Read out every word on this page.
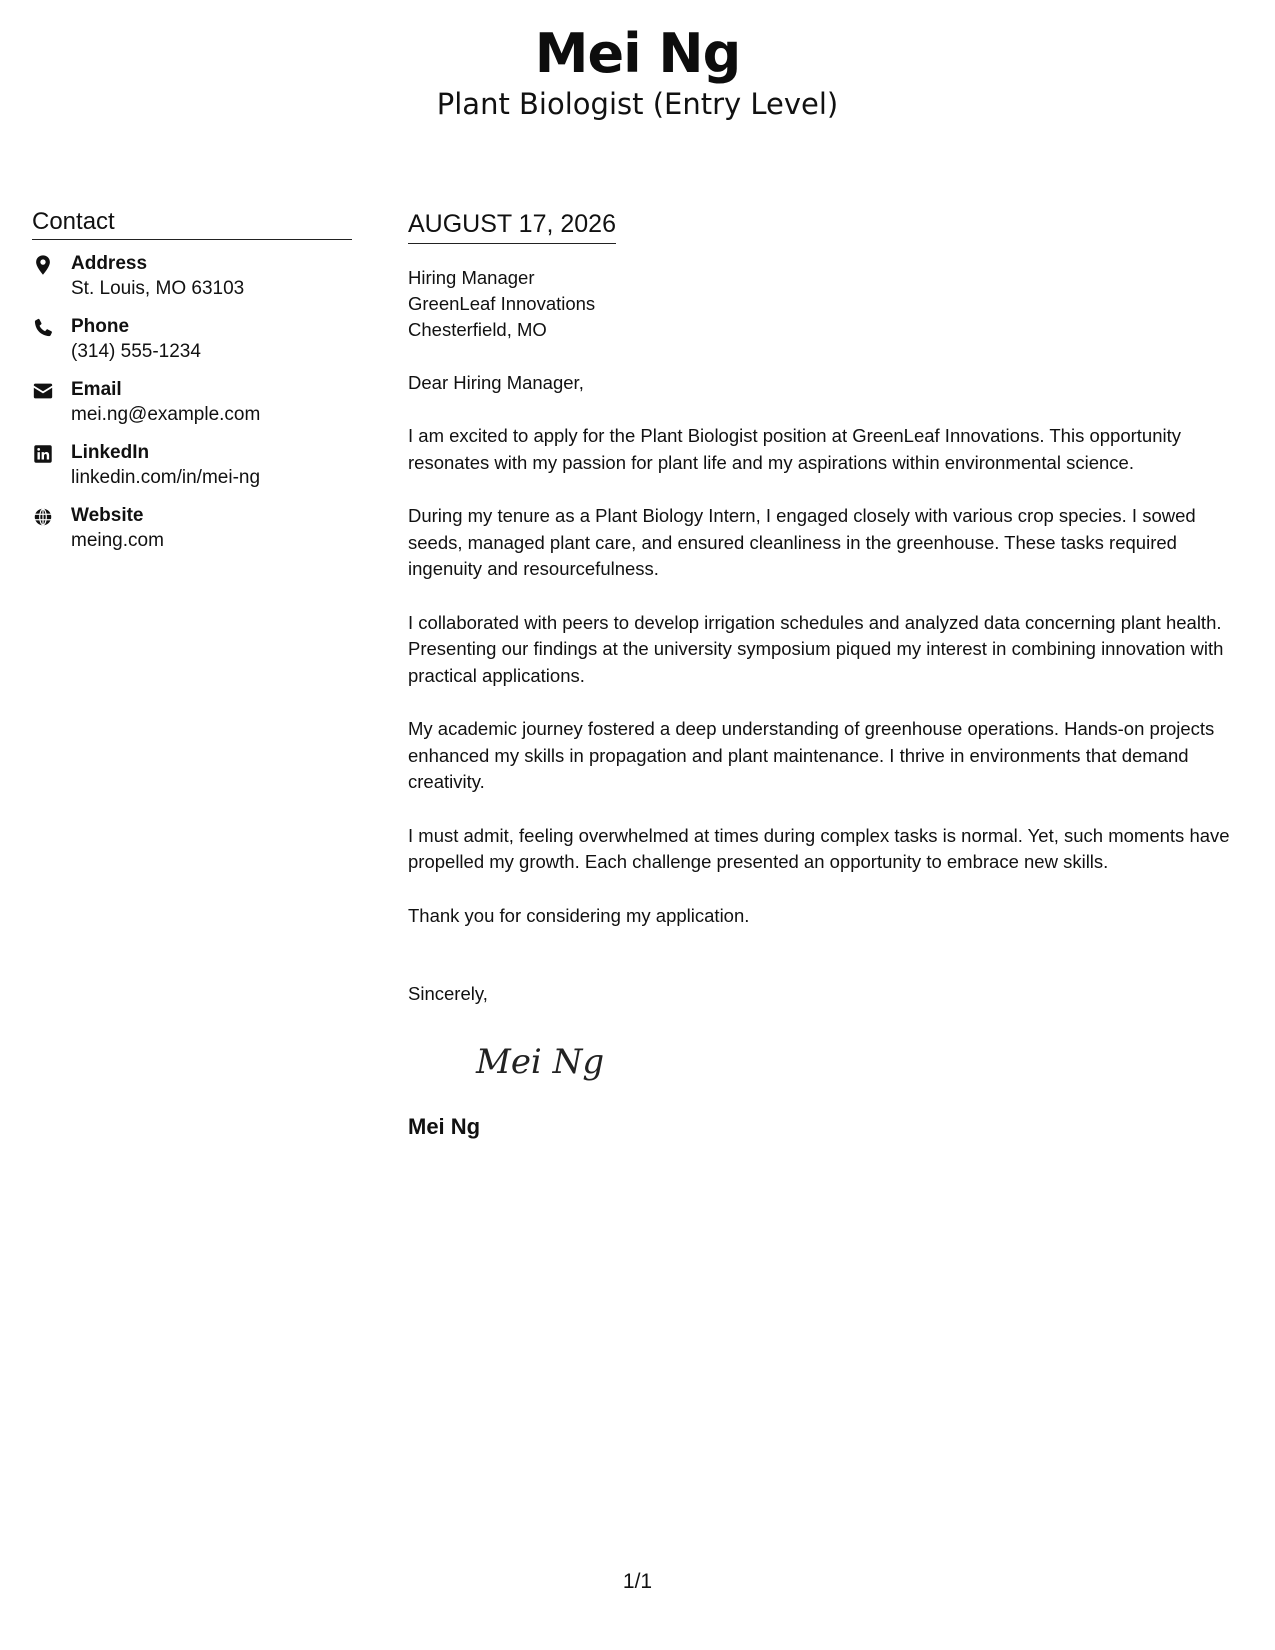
Mei Ng
Plant Biologist (Entry Level)
Contact
Address
St. Louis, MO 63103
Phone
(314) 555-1234
Email
mei.ng@example.com
LinkedIn
linkedin.com/in/mei-ng
Website
meing.com
AUGUST 17, 2026
Hiring Manager
GreenLeaf Innovations
Chesterfield, MO
Dear Hiring Manager,
I am excited to apply for the Plant Biologist position at GreenLeaf Innovations. This opportunity resonates with my passion for plant life and my aspirations within environmental science.
During my tenure as a Plant Biology Intern, I engaged closely with various crop species. I sowed seeds, managed plant care, and ensured cleanliness in the greenhouse. These tasks required ingenuity and resourcefulness.
I collaborated with peers to develop irrigation schedules and analyzed data concerning plant health. Presenting our findings at the university symposium piqued my interest in combining innovation with practical applications.
My academic journey fostered a deep understanding of greenhouse operations. Hands-on projects enhanced my skills in propagation and plant maintenance. I thrive in environments that demand creativity.
I must admit, feeling overwhelmed at times during complex tasks is normal. Yet, such moments have propelled my growth. Each challenge presented an opportunity to embrace new skills.
Thank you for considering my application.
Sincerely,
Mei Ng
Mei Ng
1/1
